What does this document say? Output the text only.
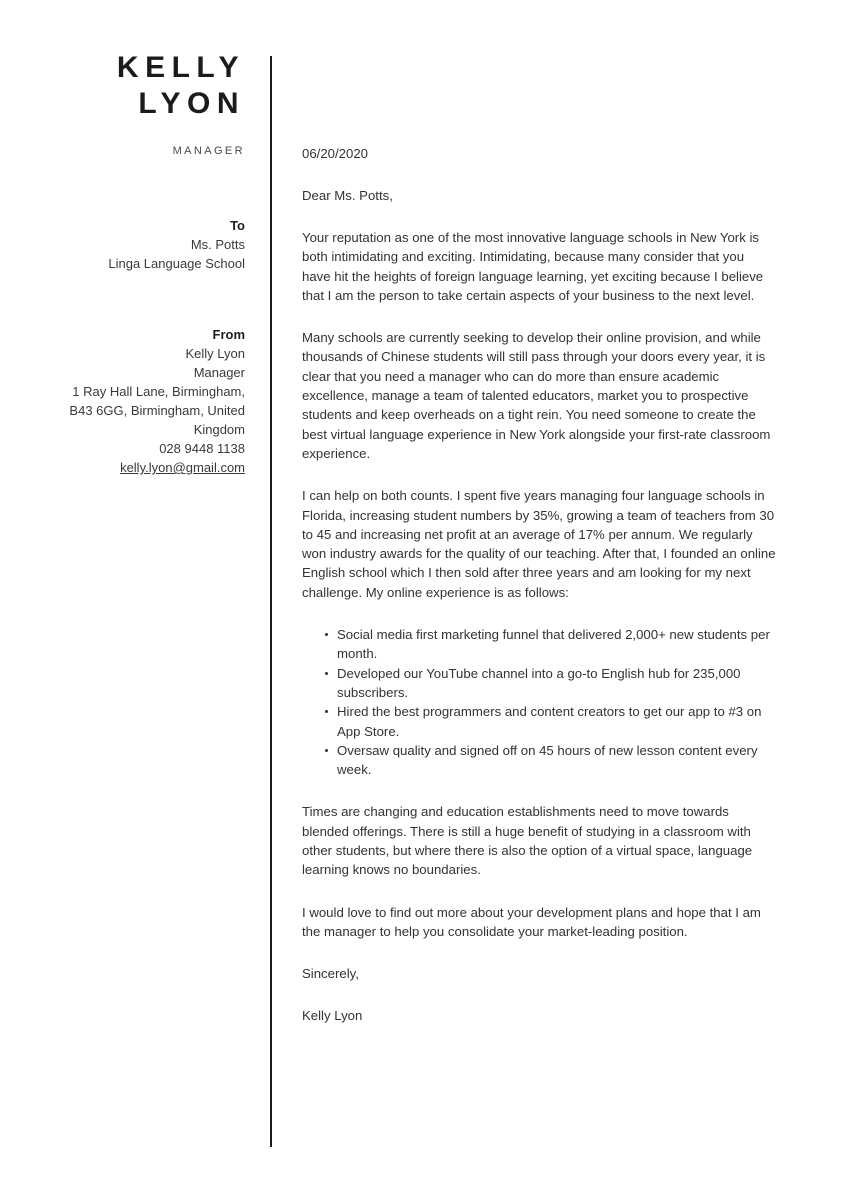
KELLY
LYON
MANAGER
To
Ms. Potts
Linga Language School
From
Kelly Lyon
Manager
1 Ray Hall Lane, Birmingham,
B43 6GG, Birmingham, United
Kingdom
028 9448 1138
kelly.lyon@gmail.com
06/20/2020
Dear Ms. Potts,

Your reputation as one of the most innovative language schools in New York is both intimidating and exciting. Intimidating, because many consider that you have hit the heights of foreign language learning, yet exciting because I believe that I am the person to take certain aspects of your business to the next level.

Many schools are currently seeking to develop their online provision, and while thousands of Chinese students will still pass through your doors every year, it is clear that you need a manager who can do more than ensure academic excellence, manage a team of talented educators, market you to prospective students and keep overheads on a tight rein. You need someone to create the best virtual language experience in New York alongside your first-rate classroom experience.

I can help on both counts. I spent five years managing four language schools in Florida, increasing student numbers by 35%, growing a team of teachers from 30 to 45 and increasing net profit at an average of 17% per annum. We regularly won industry awards for the quality of our teaching. After that, I founded an online English school which I then sold after three years and am looking for my next challenge. My online experience is as follows:

Social media first marketing funnel that delivered 2,000+ new students per month.
Developed our YouTube channel into a go-to English hub for 235,000 subscribers.
Hired the best programmers and content creators to get our app to #3 on App Store.
Oversaw quality and signed off on 45 hours of new lesson content every week.

Times are changing and education establishments need to move towards blended offerings. There is still a huge benefit of studying in a classroom with other students, but where there is also the option of a virtual space, language learning knows no boundaries.

I would love to find out more about your development plans and hope that I am the manager to help you consolidate your market-leading position.

Sincerely,

Kelly Lyon
